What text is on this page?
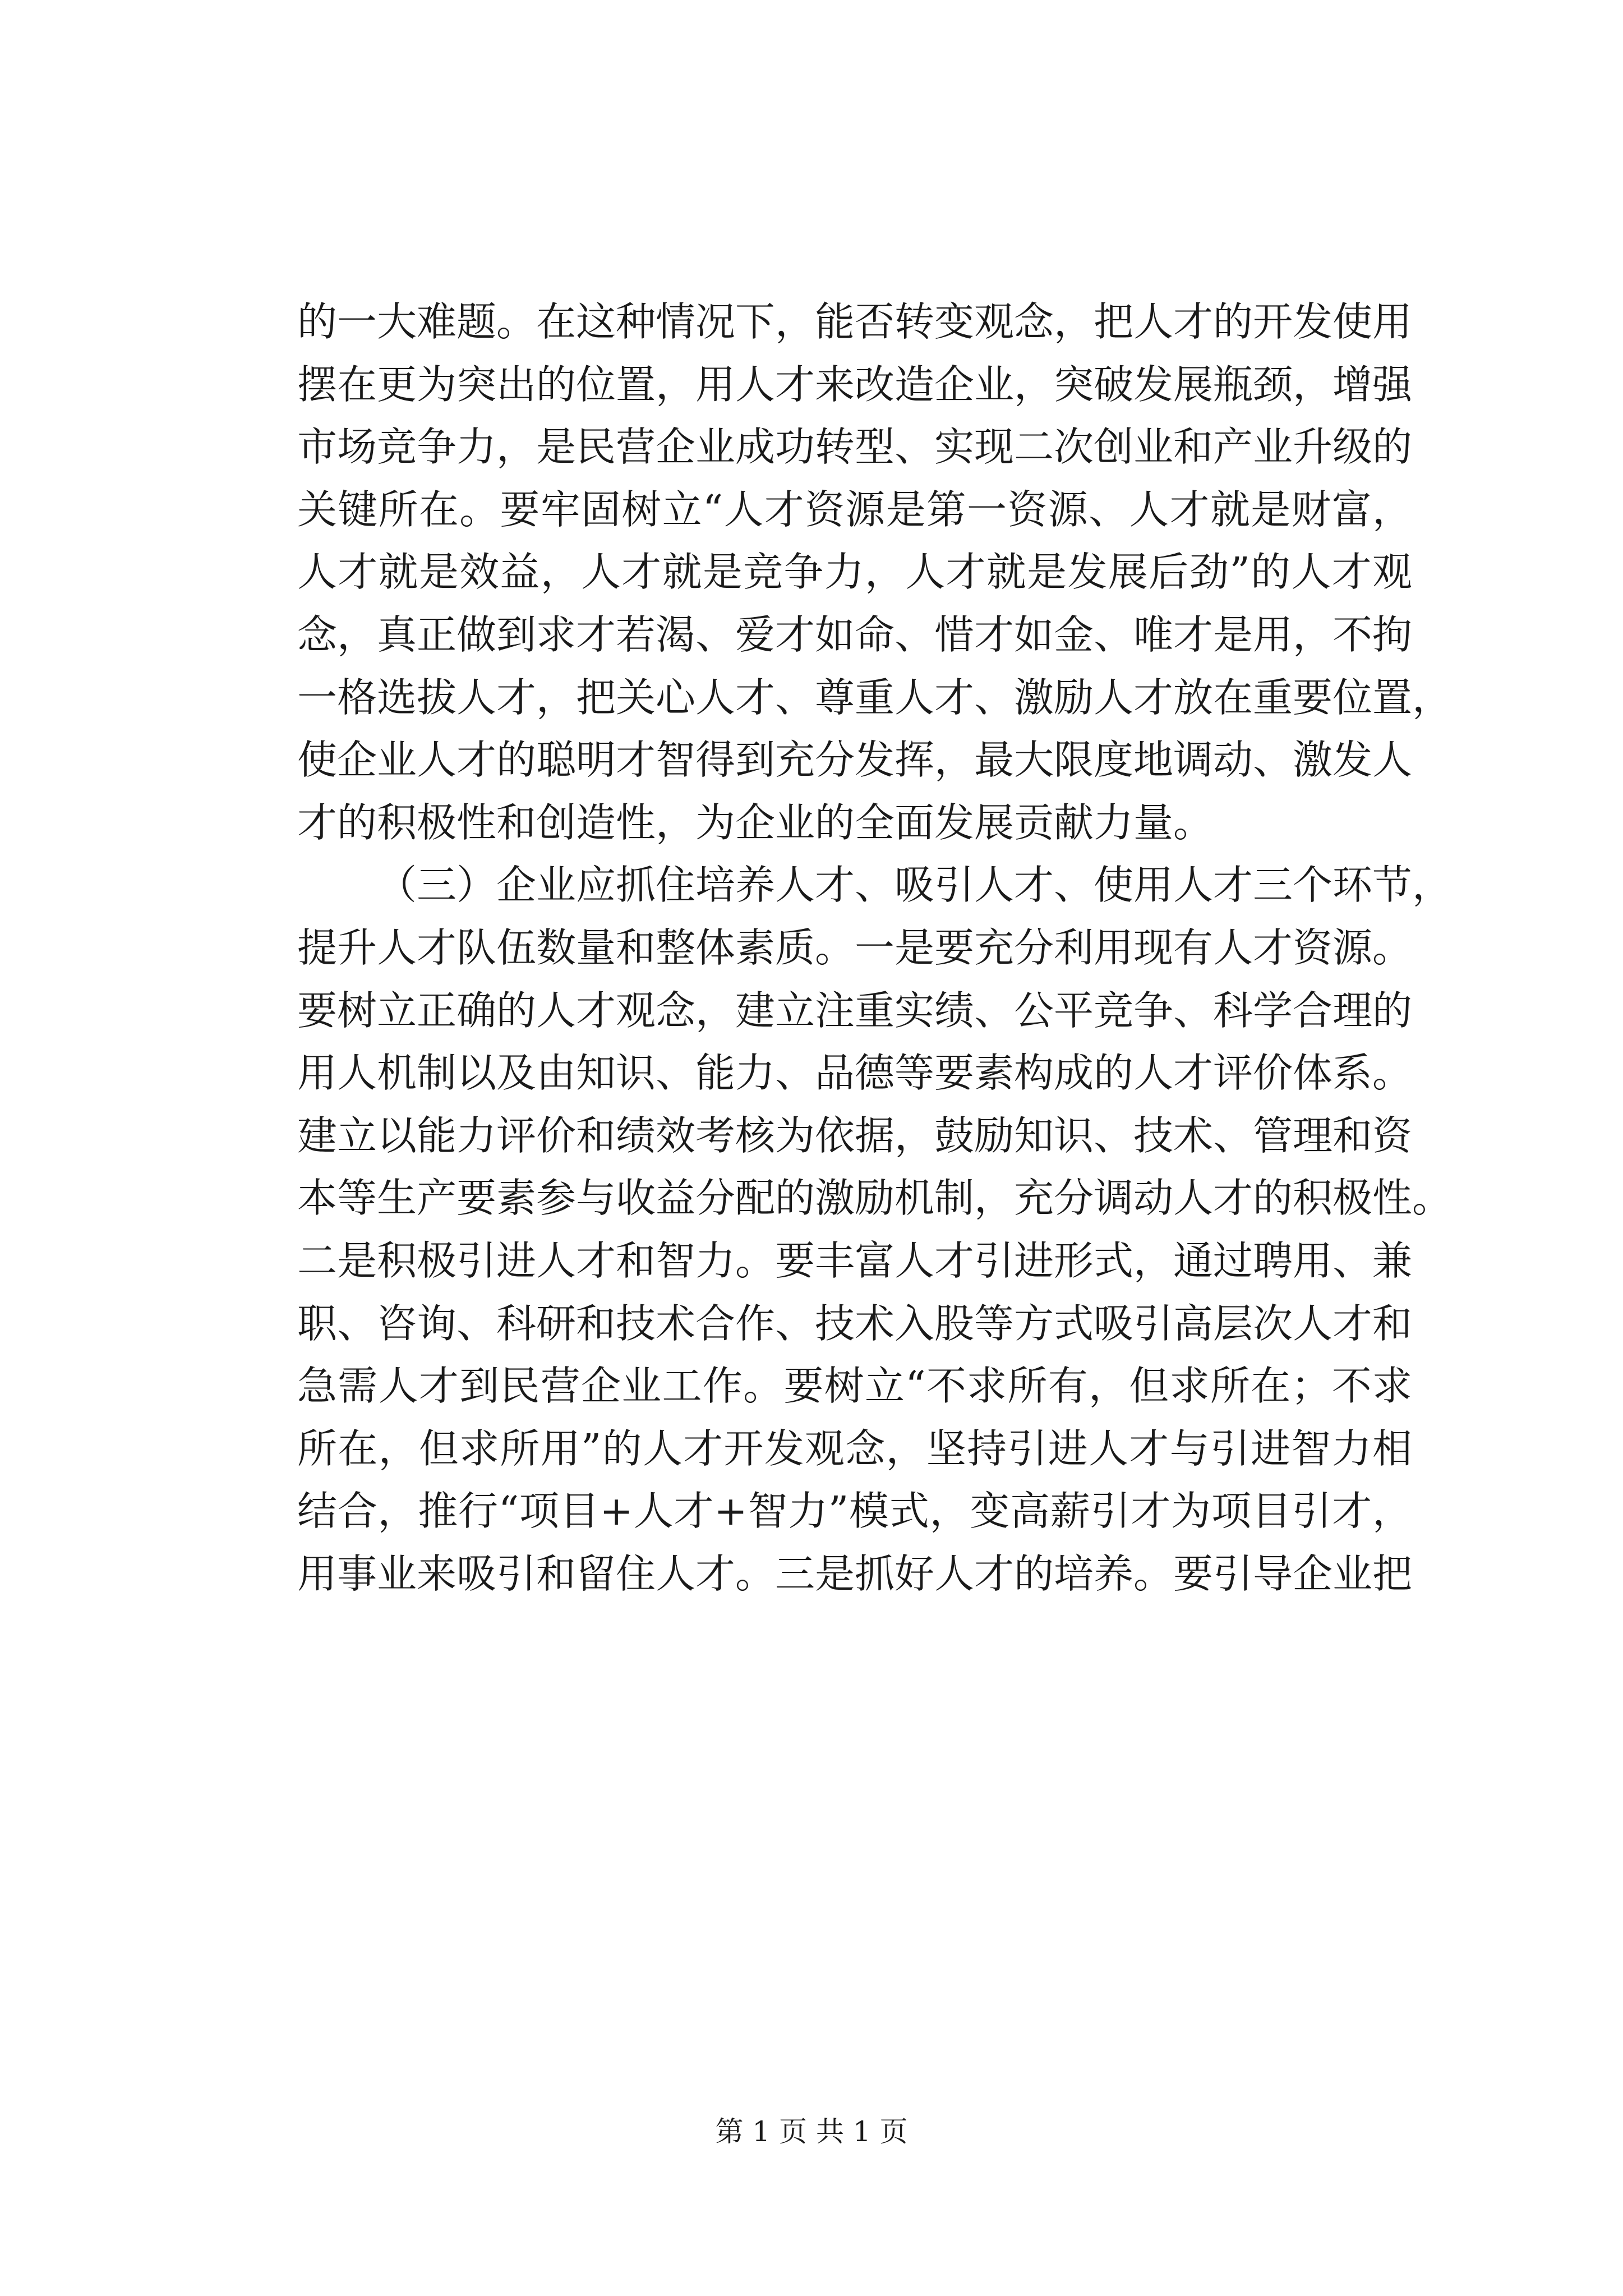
的一大难题。在这种情况下，能否转变观念，把人才的开发使用
摆在更为突出的位置，用人才来改造企业，突破发展瓶颈，增强
市场竞争力，是民营企业成功转型、实现二次创业和产业升级的
关键所在。要牢固树立“人才资源是第一资源、人才就是财富，
人才就是效益，人才就是竞争力，人才就是发展后劲”的人才观
念，真正做到求才若渴、爱才如命、惜才如金、唯才是用，不拘
一格选拔人才，把关心人才、尊重人才、激励人才放在重要位置，
使企业人才的聪明才智得到充分发挥，最大限度地调动、激发人
才的积极性和创造性，为企业的全面发展贡献力量。
（三）企业应抓住培养人才、吸引人才、使用人才三个环节，
提升人才队伍数量和整体素质。一是要充分利用现有人才资源。
要树立正确的人才观念，建立注重实绩、公平竞争、科学合理的
用人机制以及由知识、能力、品德等要素构成的人才评价体系。
建立以能力评价和绩效考核为依据，鼓励知识、技术、管理和资
本等生产要素参与收益分配的激励机制，充分调动人才的积极性。
二是积极引进人才和智力。要丰富人才引进形式，通过聘用、兼
职、咨询、科研和技术合作、技术入股等方式吸引高层次人才和
急需人才到民营企业工作。要树立“不求所有，但求所在；不求
所在，但求所用”的人才开发观念，坚持引进人才与引进智力相
结合，推行“项目+人才+智力”模式，变高薪引才为项目引才，
用事业来吸引和留住人才。三是抓好人才的培养。要引导企业把
第 1 页 共 1 页
